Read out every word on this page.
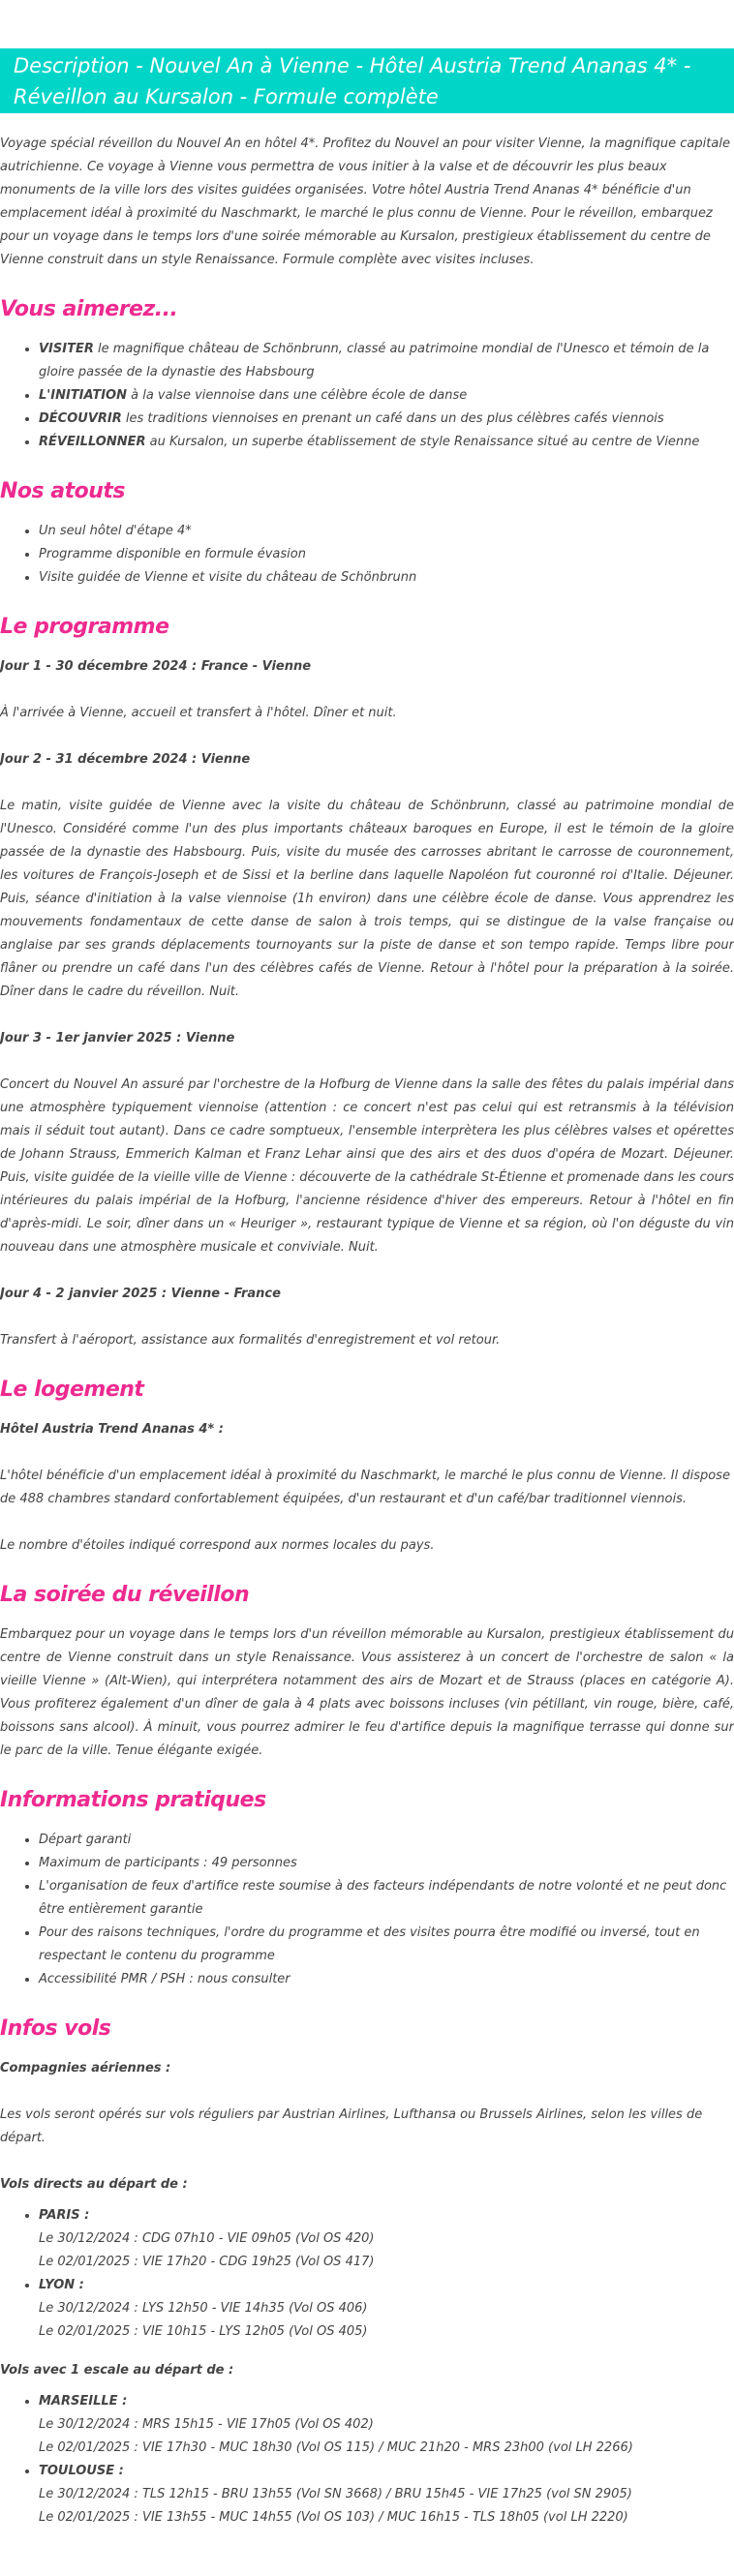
Description - Nouvel An à Vienne - Hôtel Austria Trend Ananas 4* - Réveillon au Kursalon - Formule complète

Voyage spécial réveillon du Nouvel An en hôtel 4*. Profitez du Nouvel an pour visiter Vienne, la magnifique capitale autrichienne. Ce voyage à Vienne vous permettra de vous initier à la valse et de découvrir les plus beaux monuments de la ville lors des visites guidées organisées. Votre hôtel Austria Trend Ananas 4* bénéficie d'un emplacement idéal à proximité du Naschmarkt, le marché le plus connu de Vienne. Pour le réveillon, embarquez pour un voyage dans le temps lors d'une soirée mémorable au Kursalon, prestigieux établissement du centre de Vienne construit dans un style Renaissance. Formule complète avec visites incluses.

Vous aimerez...
• VISITER le magnifique château de Schönbrunn, classé au patrimoine mondial de l'Unesco et témoin de la gloire passée de la dynastie des Habsbourg
• L'INITIATION à la valse viennoise dans une célèbre école de danse
• DÉCOUVRIR les traditions viennoises en prenant un café dans un des plus célèbres cafés viennois
• RÉVEILLONNER au Kursalon, un superbe établissement de style Renaissance situé au centre de Vienne
Nos atouts
• Un seul hôtel d'étape 4*
• Programme disponible en formule évasion
• Visite guidée de Vienne et visite du château de Schönbrunn
Le programme
Jour 1 - 30 décembre 2024 : France - Vienne

À l'arrivée à Vienne, accueil et transfert à l'hôtel. Dîner et nuit.

Jour 2 - 31 décembre 2024 : Vienne

Le matin, visite guidée de Vienne avec la visite du château de Schönbrunn, classé au patrimoine mondial de l'Unesco. Considéré comme l'un des plus importants châteaux baroques en Europe, il est le témoin de la gloire passée de la dynastie des Habsbourg. Puis, visite du musée des carrosses abritant le carrosse de couronnement, les voitures de François-Joseph et de Sissi et la berline dans laquelle Napoléon fut couronné roi d'Italie. Déjeuner. Puis, séance d'initiation à la valse viennoise (1h environ) dans une célèbre école de danse. Vous apprendrez les mouvements fondamentaux de cette danse de salon à trois temps, qui se distingue de la valse française ou anglaise par ses grands déplacements tournoyants sur la piste de danse et son tempo rapide. Temps libre pour flâner ou prendre un café dans l'un des célèbres cafés de Vienne. Retour à l'hôtel pour la préparation à la soirée. Dîner dans le cadre du réveillon. Nuit.

Jour 3 - 1er janvier 2025 : Vienne

Concert du Nouvel An assuré par l'orchestre de la Hofburg de Vienne dans la salle des fêtes du palais impérial dans une atmosphère typiquement viennoise (attention : ce concert n'est pas celui qui est retransmis à la télévision mais il séduit tout autant). Dans ce cadre somptueux, l'ensemble interprètera les plus célèbres valses et opérettes de Johann Strauss, Emmerich Kalman et Franz Lehar ainsi que des airs et des duos d'opéra de Mozart. Déjeuner. Puis, visite guidée de la vieille ville de Vienne : découverte de la cathédrale St-Étienne et promenade dans les cours intérieures du palais impérial de la Hofburg, l'ancienne résidence d'hiver des empereurs. Retour à l'hôtel en fin d'après-midi. Le soir, dîner dans un « Heuriger », restaurant typique de Vienne et sa région, où l'on déguste du vin nouveau dans une atmosphère musicale et conviviale. Nuit.

Jour 4 - 2 janvier 2025 : Vienne - France

Transfert à l'aéroport, assistance aux formalités d'enregistrement et vol retour.

Le logement
Hôtel Austria Trend Ananas 4* :

L'hôtel bénéficie d'un emplacement idéal à proximité du Naschmarkt, le marché le plus connu de Vienne. Il dispose de 488 chambres standard confortablement équipées, d'un restaurant et d'un café/bar traditionnel viennois.

Le nombre d'étoiles indiqué correspond aux normes locales du pays.

La soirée du réveillon

Embarquez pour un voyage dans le temps lors d'un réveillon mémorable au Kursalon, prestigieux établissement du centre de Vienne construit dans un style Renaissance. Vous assisterez à un concert de l'orchestre de salon « la vieille Vienne » (Alt-Wien), qui interprétera notamment des airs de Mozart et de Strauss (places en catégorie A). Vous profiterez également d'un dîner de gala à 4 plats avec boissons incluses (vin pétillant, vin rouge, bière, café, boissons sans alcool). À minuit, vous pourrez admirer le feu d'artifice depuis la magnifique terrasse qui donne sur le parc de la ville. Tenue élégante exigée.

Informations pratiques
• Départ garanti
• Maximum de participants : 49 personnes
• L'organisation de feux d'artifice reste soumise à des facteurs indépendants de notre volonté et ne peut donc être entièrement garantie
• Pour des raisons techniques, l'ordre du programme et des visites pourra être modifié ou inversé, tout en respectant le contenu du programme
• Accessibilité PMR / PSH : nous consulter
Infos vols
Compagnies aériennes :

Les vols seront opérés sur vols réguliers par Austrian Airlines, Lufthansa ou Brussels Airlines, selon les villes de départ.

Vols directs au départ de :
• PARIS :
Le 30/12/2024 : CDG 07h10 - VIE 09h05 (Vol OS 420)
Le 02/01/2025 : VIE 17h20 - CDG 19h25 (Vol OS 417)
• LYON :
Le 30/12/2024 : LYS 12h50 - VIE 14h35 (Vol OS 406)
Le 02/01/2025 : VIE 10h15 - LYS 12h05 (Vol OS 405)
Vols avec 1 escale au départ de :
• MARSEILLE :
Le 30/12/2024 : MRS 15h15 - VIE 17h05 (Vol OS 402)
Le 02/01/2025 : VIE 17h30 - MUC 18h30 (Vol OS 115) / MUC 21h20 - MRS 23h00 (vol LH 2266)
• TOULOUSE :
Le 30/12/2024 : TLS 12h15 - BRU 13h55 (Vol SN 3668) / BRU 15h45 - VIE 17h25 (vol SN 2905)
Le 02/01/2025 : VIE 13h55 - MUC 14h55 (Vol OS 103) / MUC 16h15 - TLS 18h05 (vol LH 2220)
